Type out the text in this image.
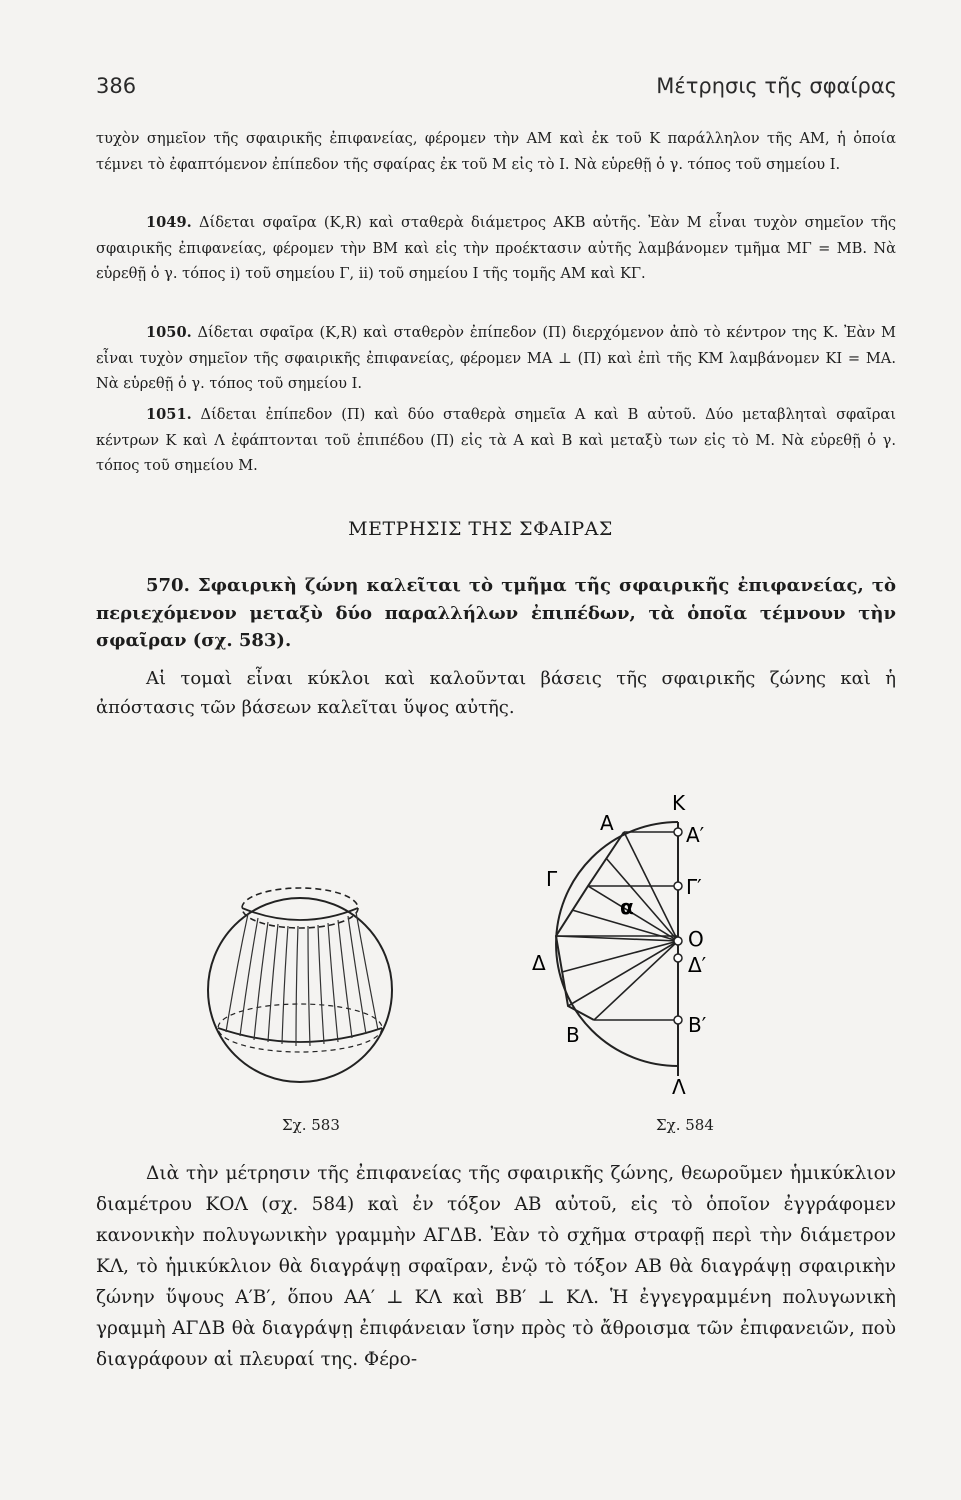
386	Μέτρησις τῆς σφαίρας

τυχὸν σημεῖον τῆς σφαιρικῆς ἐπιφανείας, φέρομεν τὴν ΑΜ καὶ ἐκ τοῦ Κ παράλληλον τῆς ΑΜ, ἡ ὁποία τέμνει τὸ ἐφαπτόμενον ἐπίπεδον τῆς σφαίρας ἐκ τοῦ Μ εἰς τὸ Ι. Νὰ εὑρεθῇ ὁ γ. τόπος τοῦ σημείου Ι.

1049. Δίδεται σφαῖρα (Κ,R) καὶ σταθερὰ διάμετρος ΑΚΒ αὐτῆς. Ἐὰν Μ εἶναι τυχὸν σημεῖον τῆς σφαιρικῆς ἐπιφανείας, φέρομεν τὴν ΒΜ καὶ εἰς τὴν προέκτασιν αὐτῆς λαμβάνομεν τμῆμα ΜΓ = ΜΒ. Νὰ εὑρεθῇ ὁ γ. τόπος i) τοῦ σημείου Γ, ii) τοῦ σημείου Ι τῆς τομῆς ΑΜ καὶ ΚΓ.

1050. Δίδεται σφαῖρα (Κ,R) καὶ σταθερὸν ἐπίπεδον (Π) διερχόμενον ἀπὸ τὸ κέντρον της Κ. Ἐὰν Μ εἶναι τυχὸν σημεῖον τῆς σφαιρικῆς ἐπιφανείας, φέρομεν ΜΑ ⊥ (Π) καὶ ἐπὶ τῆς ΚΜ λαμβάνομεν ΚΙ = ΜΑ. Νὰ εὑρεθῇ ὁ γ. τόπος τοῦ σημείου Ι.

1051. Δίδεται ἐπίπεδον (Π) καὶ δύο σταθερὰ σημεῖα Α καὶ Β αὐτοῦ. Δύο μεταβληταὶ σφαῖραι κέντρων Κ καὶ Λ ἐφάπτονται τοῦ ἐπιπέδου (Π) εἰς τὰ Α καὶ Β καὶ μεταξὺ των εἰς τὸ Μ. Νὰ εὑρεθῇ ὁ γ. τόπος τοῦ σημείου Μ.

ΜΕΤΡΗΣΙΣ ΤΗΣ ΣΦΑΙΡΑΣ

570. Σφαιρικὴ ζώνη καλεῖται τὸ τμῆμα τῆς σφαιρικῆς ἐπιφανείας, τὸ περιεχόμενον μεταξὺ δύο παραλλήλων ἐπιπέδων, τὰ ὁποῖα τέμνουν τὴν σφαῖραν (σχ. 583).

Αἱ τομαὶ εἶναι κύκλοι καὶ καλοῦνται βάσεις τῆς σφαιρικῆς ζώνης καὶ ἡ ἀπόστασις τῶν βάσεων καλεῖται ὕψος αὐτῆς.

Κ
Α	Α′
Γ	Γ′
α
Ο
Δ	Δ′
Β	Β′
Λ
Σχ. 583	Σχ. 584

Διὰ τὴν μέτρησιν τῆς ἐπιφανείας τῆς σφαιρικῆς ζώνης, θεωροῦμεν ἡμικύκλιον διαμέτρου ΚΟΛ (σχ. 584) καὶ ἐν τόξον ΑΒ αὐτοῦ, εἰς τὸ ὁποῖον ἐγγράφομεν κανονικὴν πολυγωνικὴν γραμμὴν ΑΓΔΒ. Ἐὰν τὸ σχῆμα στραφῇ περὶ τὴν διάμετρον ΚΛ, τὸ ἡμικύκλιον θὰ διαγράψῃ σφαῖραν, ἐνῷ τὸ τόξον ΑΒ θὰ διαγράψῃ σφαιρικὴν ζώνην ὕψους Α′Β′, ὅπου ΑΑ′ ⊥ ΚΛ καὶ ΒΒ′ ⊥ ΚΛ. Ἡ ἐγγεγραμμένη πολυγωνικὴ γραμμὴ ΑΓΔΒ θὰ διαγράψῃ ἐπιφάνειαν ἴσην πρὸς τὸ ἄθροισμα τῶν ἐπιφανειῶν, ποὺ διαγράφουν αἱ πλευραί της. Φέρο-
